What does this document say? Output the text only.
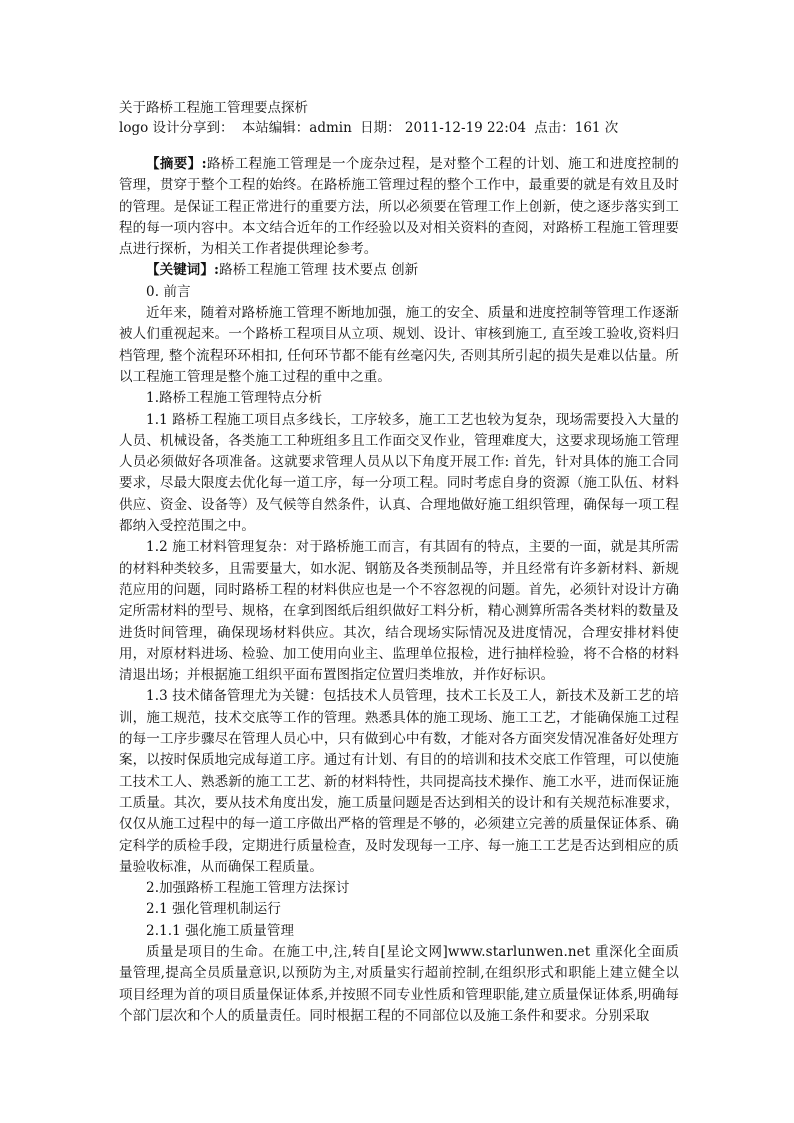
关于路桥工程施工管理要点探析
logo 设计分享到： 本站编辑：admin 日期： 2011-12-19 22:04 点击：161 次

【摘要】:路桥工程施工管理是一个庞杂过程，是对整个工程的计划、施工和进度控制的管理，贯穿于整个工程的始终。在路桥施工管理过程的整个工作中，最重要的就是有效且及时的管理。是保证工程正常进行的重要方法，所以必须要在管理工作上创新，使之逐步落实到工程的每一项内容中。本文结合近年的工作经验以及对相关资料的查阅，对路桥工程施工管理要点进行探析，为相关工作者提供理论参考。

【关键词】:路桥工程施工管理 技术要点 创新

0. 前言

近年来，随着对路桥施工管理不断地加强，施工的安全、质量和进度控制等管理工作逐渐被人们重视起来。一个路桥工程项目从立项、规划、设计、审核到施工, 直至竣工验收,资料归档管理, 整个流程环环相扣, 任何环节都不能有丝毫闪失, 否则其所引起的损失是难以估量。所以工程施工管理是整个施工过程的重中之重。

1.路桥工程施工管理特点分析

1.1 路桥工程施工项目点多线长，工序较多，施工工艺也较为复杂，现场需要投入大量的人员、机械设备，各类施工工种班组多且工作面交叉作业，管理难度大，这要求现场施工管理人员必须做好各项准备。这就要求管理人员从以下角度开展工作: 首先，针对具体的施工合同要求，尽最大限度去优化每一道工序，每一分项工程。同时考虑自身的资源（施工队伍、材料供应、资金、设备等）及气候等自然条件，认真、合理地做好施工组织管理，确保每一项工程都纳入受控范围之中。

1.2 施工材料管理复杂：对于路桥施工而言，有其固有的特点，主要的一面，就是其所需的材料种类较多，且需要量大，如水泥、钢筋及各类预制品等，并且经常有许多新材料、新规范应用的问题，同时路桥工程的材料供应也是一个不容忽视的问题。首先，必须针对设计方确定所需材料的型号、规格，在拿到图纸后组织做好工料分析，精心测算所需各类材料的数量及进货时间管理，确保现场材料供应。其次，结合现场实际情况及进度情况，合理安排材料使用，对原材料进场、检验、加工使用向业主、监理单位报检，进行抽样检验，将不合格的材料清退出场；并根据施工组织平面布置图指定位置归类堆放，并作好标识。

1.3 技术储备管理尤为关键：包括技术人员管理，技术工长及工人，新技术及新工艺的培训，施工规范，技术交底等工作的管理。熟悉具体的施工现场、施工工艺，才能确保施工过程的每一工序步骤尽在管理人员心中，只有做到心中有数，才能对各方面突发情况准备好处理方案，以按时保质地完成每道工序。通过有计划、有目的的培训和技术交底工作管理，可以使施工技术工人、熟悉新的施工工艺、新的材料特性，共同提高技术操作、施工水平，进而保证施工质量。其次，要从技术角度出发，施工质量问题是否达到相关的设计和有关规范标准要求，仅仅从施工过程中的每一道工序做出严格的管理是不够的，必须建立完善的质量保证体系、确定科学的质检手段，定期进行质量检查，及时发现每一工序、每一施工工艺是否达到相应的质量验收标准，从而确保工程质量。

2.加强路桥工程施工管理方法探讨

2.1 强化管理机制运行

2.1.1 强化施工质量管理

质量是项目的生命。在施工中,注,转自[星论文网]www.starlunwen.net 重深化全面质量管理,提高全员质量意识,以预防为主,对质量实行超前控制,在组织形式和职能上建立健全以项目经理为首的项目质量保证体系,并按照不同专业性质和管理职能,建立质量保证体系,明确每个部门层次和个人的质量责任。同时根据工程的不同部位以及施工条件和要求。分别采取
